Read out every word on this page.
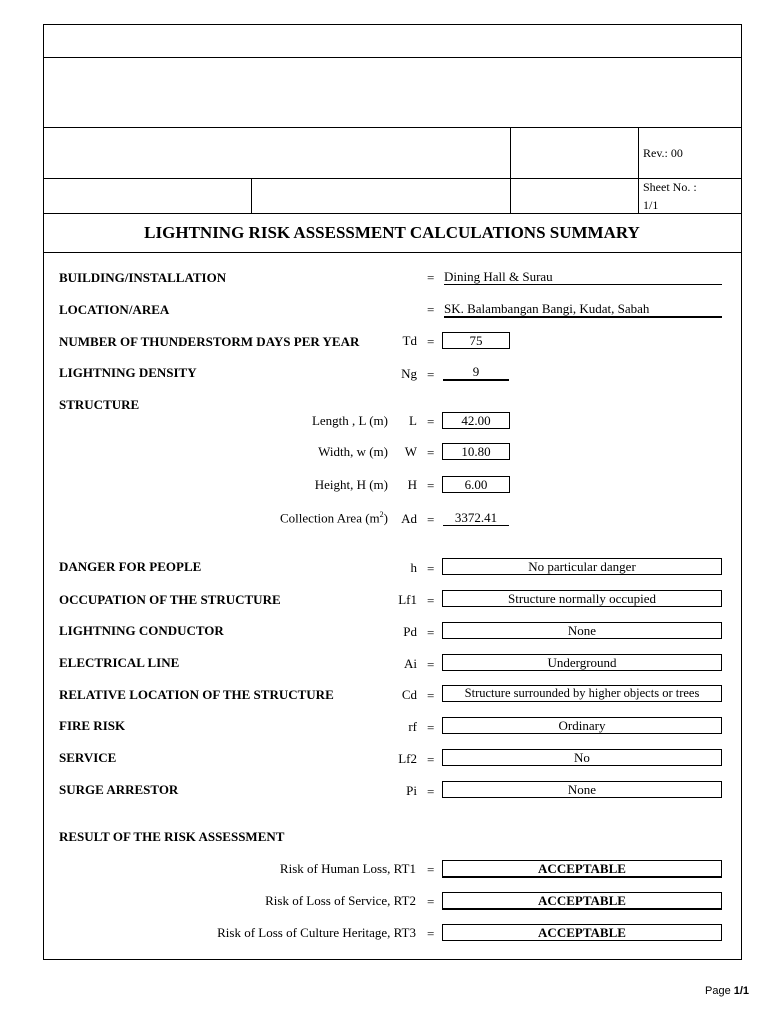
Rev.: 00
Sheet No. :
1/1
LIGHTNING RISK ASSESSMENT CALCULATIONS SUMMARY
BUILDING/INSTALLATION	= Dining Hall & Surau
LOCATION/AREA	= SK. Balambangan Bangi, Kudat, Sabah
NUMBER OF THUNDERSTORM DAYS PER YEAR	Td =	75
LIGHTNING DENSITY	Ng =	9
STRUCTURE
Length , L (m)	L =	42.00
Width, w (m)	W =	10.80
Height, H (m)	H =	6.00
Collection Area $(m^2)$	Ad =	3372.41
DANGER FOR PEOPLE	h =	No particular danger
OCCUPATION OF THE STRUCTURE	Lf1 =	Structure normally occupied
LIGHTNING CONDUCTOR	Pd =	None
ELECTRICAL LINE	Ai =	Underground
RELATIVE LOCATION OF THE STRUCTURE	Cd =	Structure surrounded by higher objects or trees
FIRE RISK	rf =	Ordinary
SERVICE	Lf2 =	No
SURGE ARRESTOR	Pi =	None
RESULT OF THE RISK ASSESSMENT
Risk of Human Loss, RT1 =	ACCEPTABLE
Risk of Loss of Service, RT2 =	ACCEPTABLE
Risk of Loss of Culture Heritage, RT3 =	ACCEPTABLE
Page 1/1
